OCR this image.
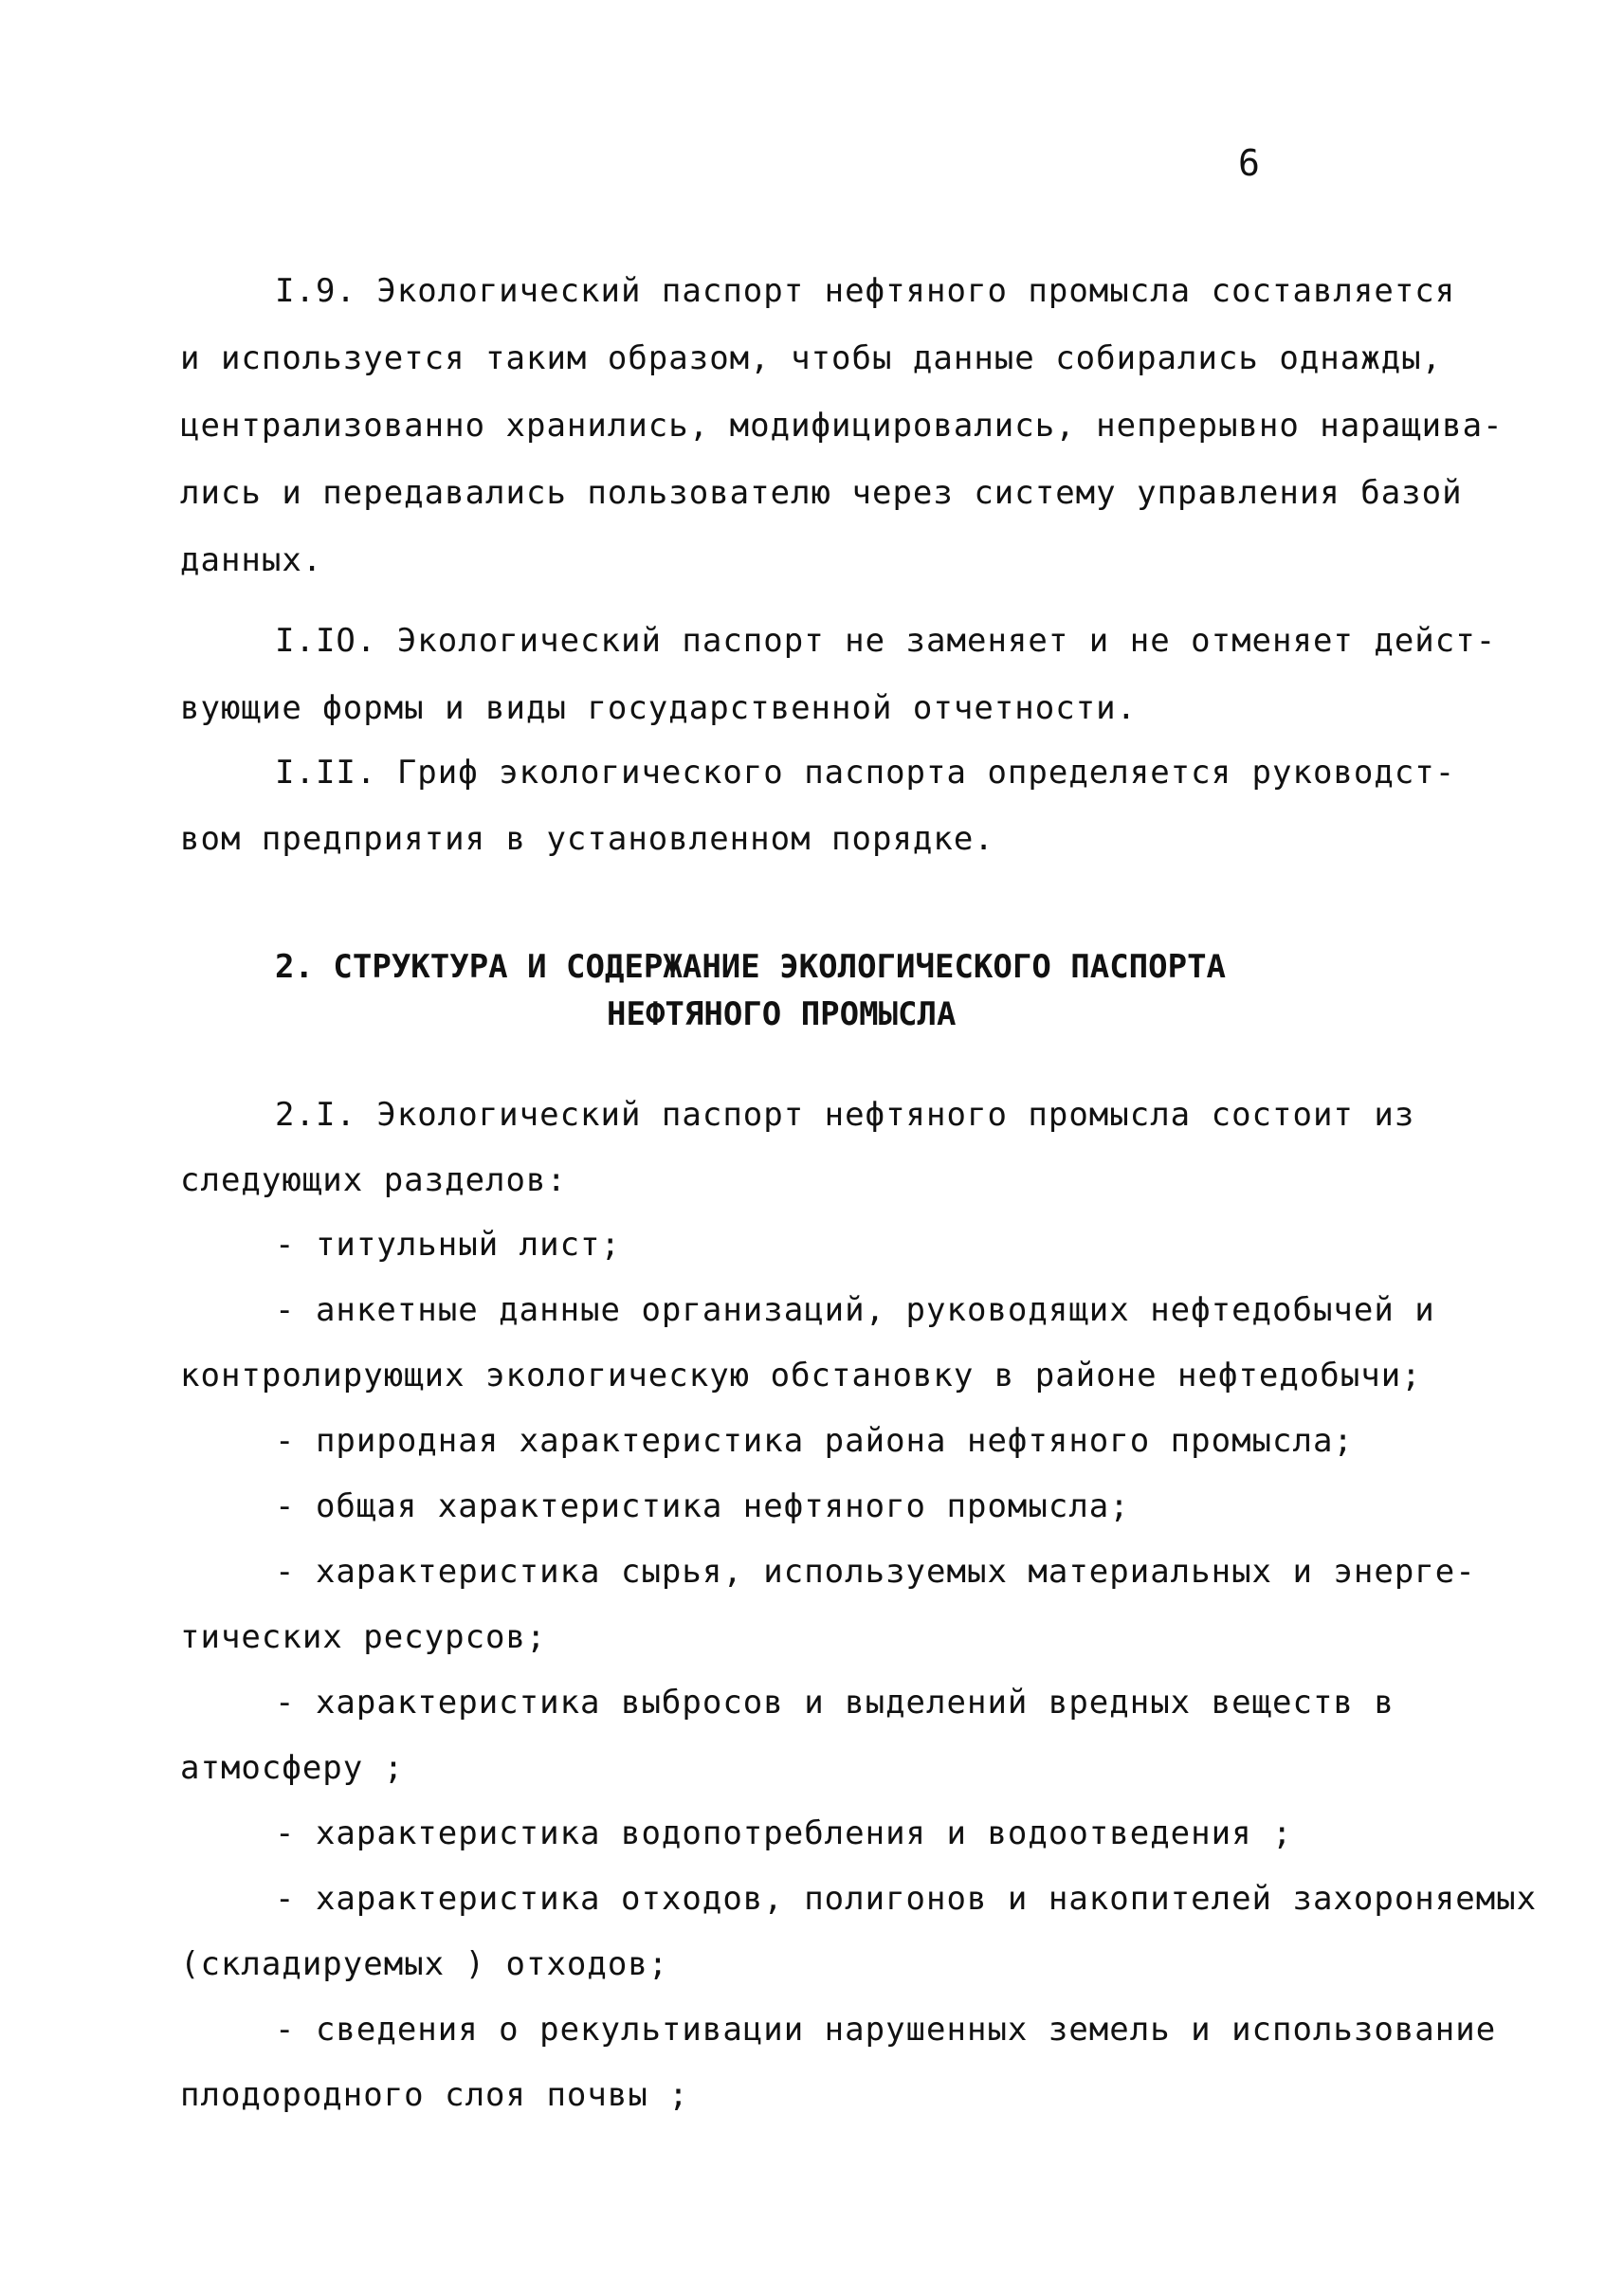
6
I.9. Экологический паспорт нефтяного промысла составляется
и используется таким образом, чтобы данные собирались однажды,
централизованно хранились, модифицировались, непрерывно наращива-
лись и передавались пользователю через систему управления базой
данных.
I.IO. Экологический паспорт не заменяет и не отменяет дейст-
вующие формы и виды государственной отчетности.
I.II. Гриф экологического паспорта определяется руководст-
вом предприятия в установленном порядке.
2. СТРУКТУРА И СОДЕРЖАНИЕ ЭКОЛОГИЧЕСКОГО ПАСПОРТА
НЕФТЯНОГО ПРОМЫСЛА
2.I. Экологический паспорт нефтяного промысла состоит из
следующих разделов:
- титульный лист;
- анкетные данные организаций, руководящих нефтедобычей и
контролирующих экологическую обстановку в районе нефтедобычи;
- природная характеристика района нефтяного промысла;
- общая характеристика нефтяного промысла;
- характеристика сырья, используемых материальных и энерге-
тических ресурсов;
- характеристика выбросов и выделений вредных веществ в
атмосферу ;
- характеристика водопотребления и водоотведения ;
- характеристика отходов, полигонов и накопителей захороняемых
(складируемых ) отходов;
- сведения о рекультивации нарушенных земель и использование
плодородного слоя почвы ;
